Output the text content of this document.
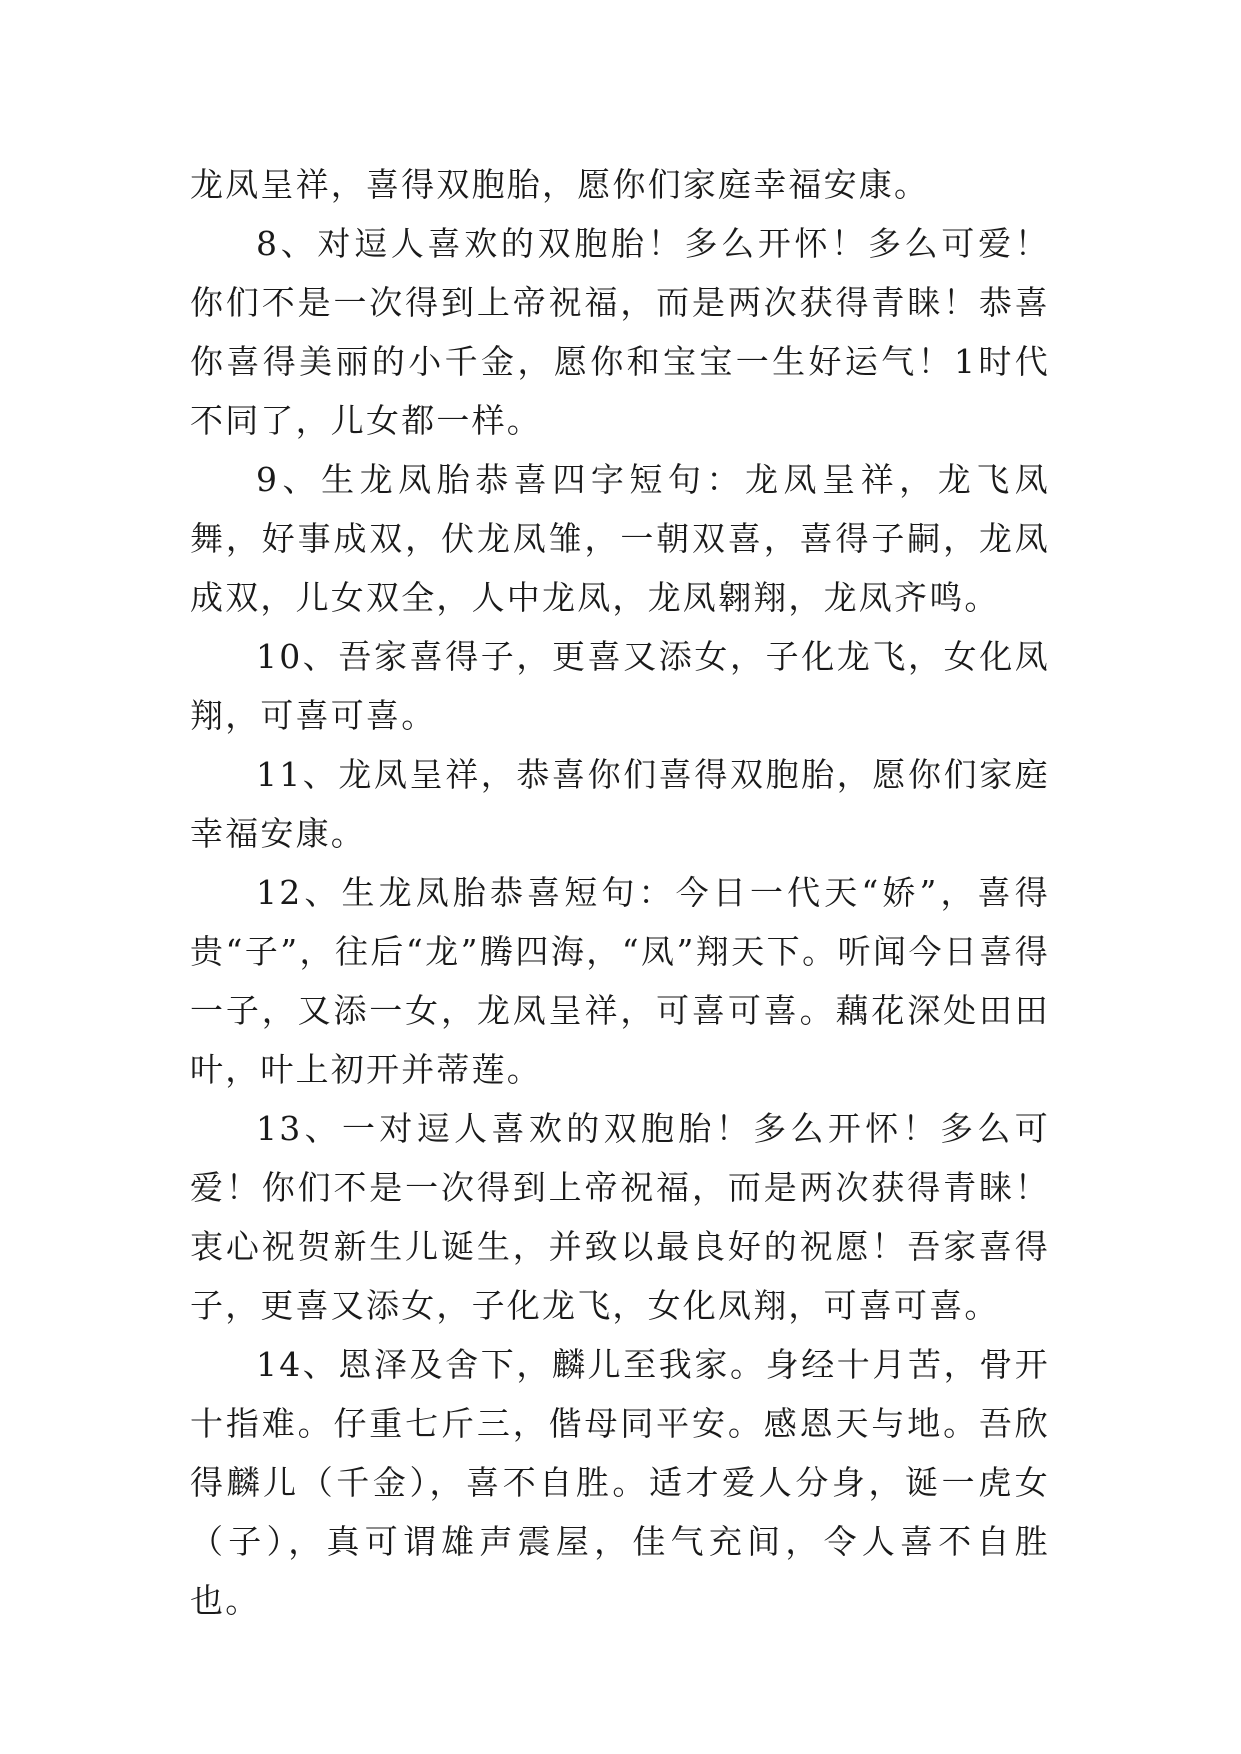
龙凤呈祥，喜得双胞胎，愿你们家庭幸福安康。

8、对逗人喜欢的双胞胎！多么开怀！多么可爱！你们不是一次得到上帝祝福，而是两次获得青睐！恭喜你喜得美丽的小千金，愿你和宝宝一生好运气！1时代不同了，儿女都一样。

9、生龙凤胎恭喜四字短句：龙凤呈祥，龙飞凤舞，好事成双，伏龙凤雏，一朝双喜，喜得子嗣，龙凤成双，儿女双全，人中龙凤，龙凤翱翔，龙凤齐鸣。

10、吾家喜得子，更喜又添女，子化龙飞，女化凤翔，可喜可喜。

11、龙凤呈祥，恭喜你们喜得双胞胎，愿你们家庭幸福安康。

12、生龙凤胎恭喜短句：今日一代天“娇”，喜得贵“子”，往后“龙”腾四海，“凤”翔天下。听闻今日喜得一子，又添一女，龙凤呈祥，可喜可喜。藕花深处田田叶，叶上初开并蒂莲。

13、一对逗人喜欢的双胞胎！多么开怀！多么可爱！你们不是一次得到上帝祝福，而是两次获得青睐！衷心祝贺新生儿诞生，并致以最良好的祝愿！吾家喜得子，更喜又添女，子化龙飞，女化凤翔，可喜可喜。

14、恩泽及舍下，麟儿至我家。身经十月苦，骨开十指难。仔重七斤三，偕母同平安。感恩天与地。吾欣得麟儿（千金），喜不自胜。适才爱人分身，诞一虎女（子），真可谓雄声震屋，佳气充间，令人喜不自胜也。
